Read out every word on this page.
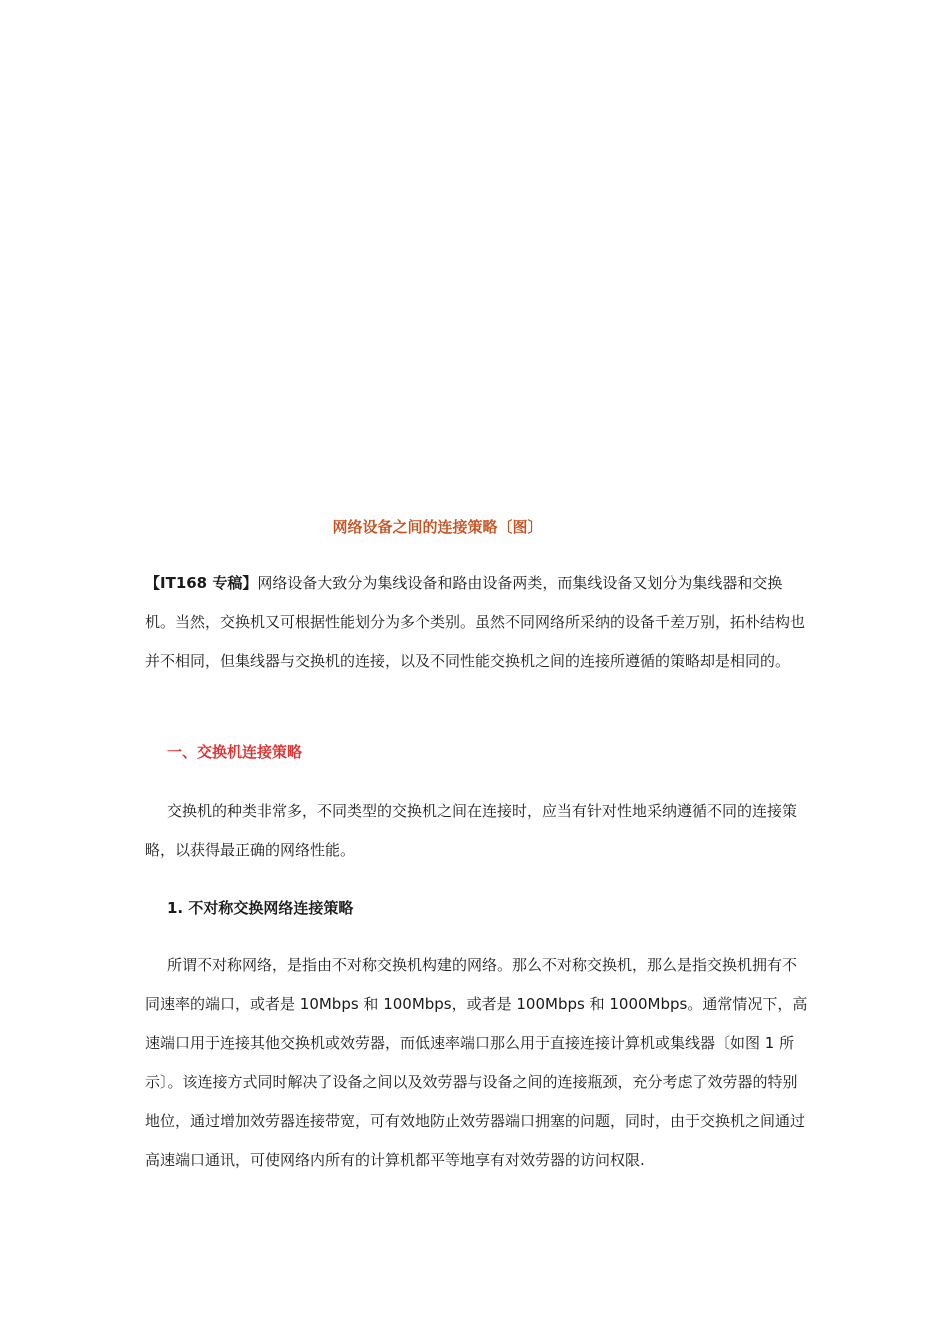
网络设备之间的连接策略〔图〕

【IT168 专稿】网络设备大致分为集线设备和路由设备两类，而集线设备又划分为集线器和交换机。当然，交换机又可根据性能划分为多个类别。虽然不同网络所采纳的设备千差万别，拓朴结构也并不相同，但集线器与交换机的连接，以及不同性能交换机之间的连接所遵循的策略却是相同的。

一、交换机连接策略

交换机的种类非常多，不同类型的交换机之间在连接时，应当有针对性地采纳遵循不同的连接策略，以获得最正确的网络性能。

1. 不对称交换网络连接策略

所谓不对称网络，是指由不对称交换机构建的网络。那么不对称交换机，那么是指交换机拥有不同速率的端口，或者是 10Mbps 和 100Mbps，或者是 100Mbps 和 1000Mbps。通常情况下，高速端口用于连接其他交换机或效劳器，而低速率端口那么用于直接连接计算机或集线器〔如图 1 所示〕。该连接方式同时解决了设备之间以及效劳器与设备之间的连接瓶颈，充分考虑了效劳器的特别地位，通过增加效劳器连接带宽，可有效地防止效劳器端口拥塞的问题，同时，由于交换机之间通过高速端口通讯，可使网络内所有的计算机都平等地享有对效劳器的访问权限.
